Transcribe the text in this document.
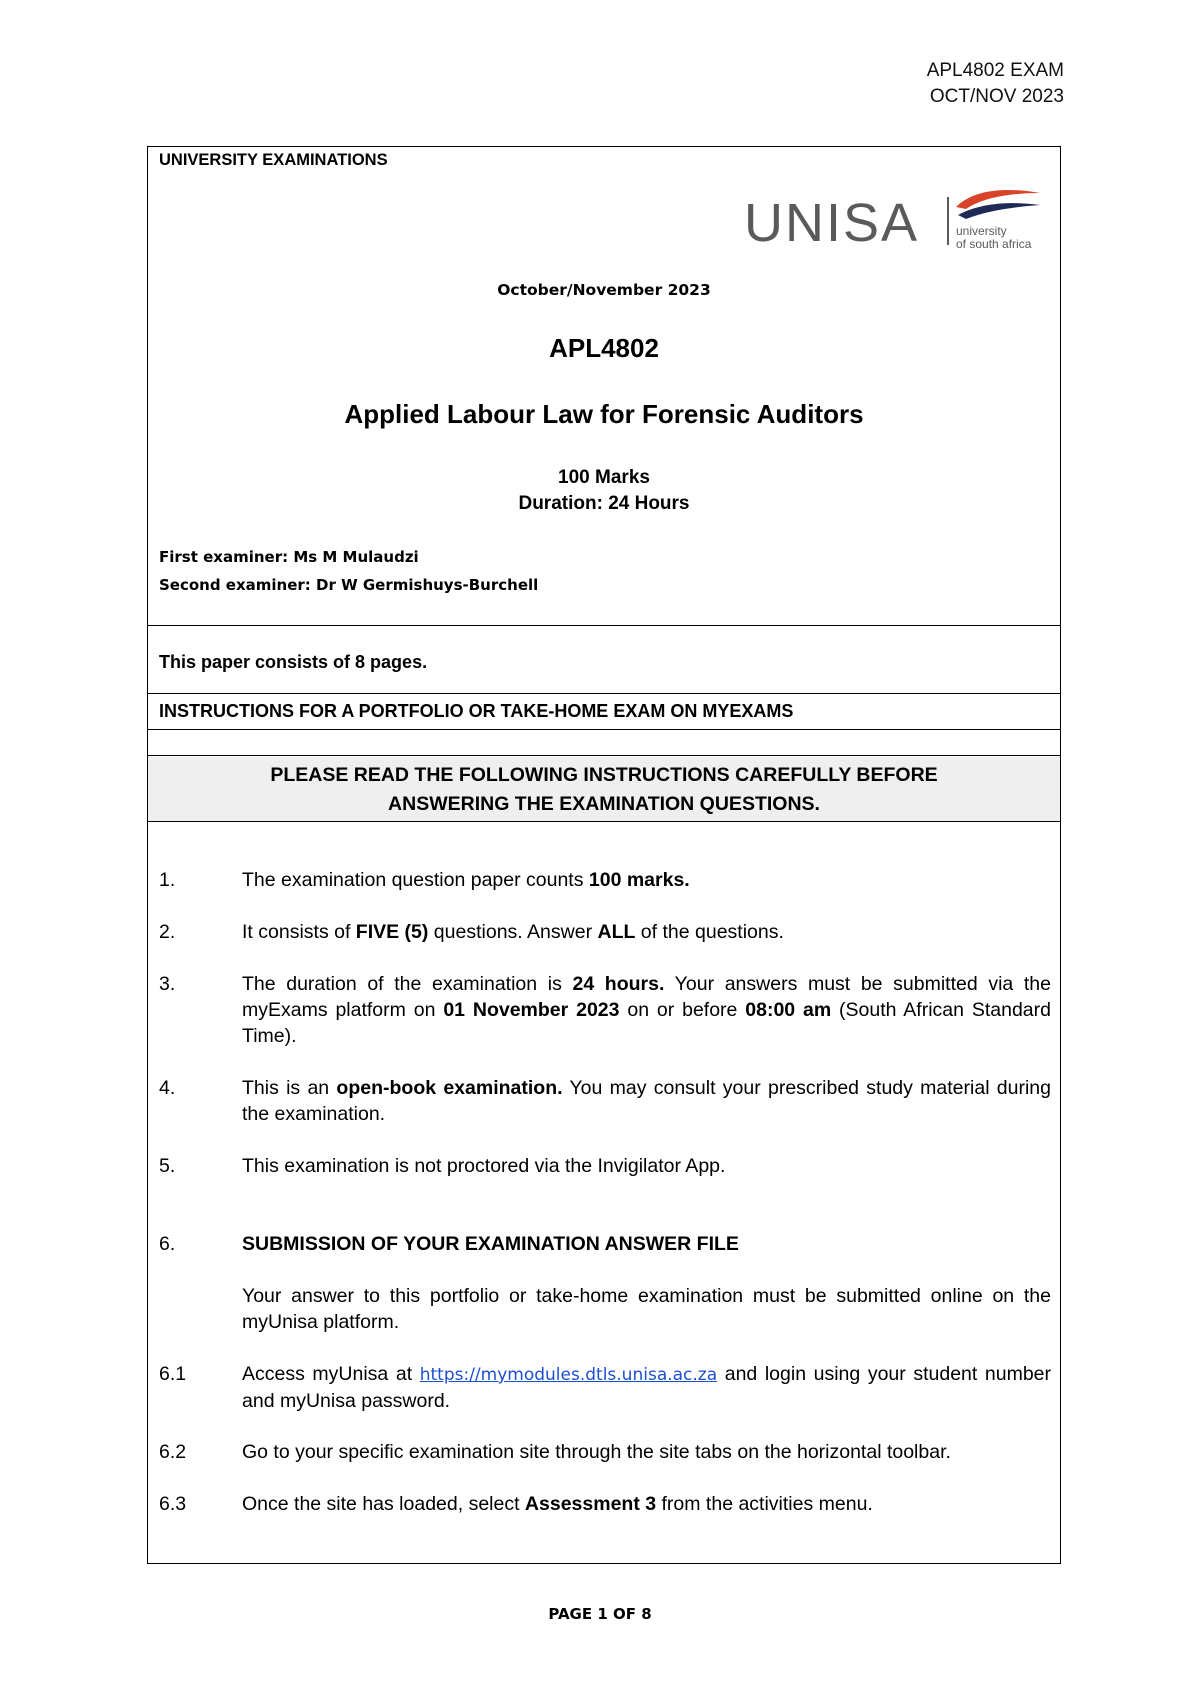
APL4802 EXAM
OCT/NOV 2023
UNIVERSITY EXAMINATIONS
UNISA	university
of south africa
October/November 2023
APL4802
Applied Labour Law for Forensic Auditors
100 Marks
Duration: 24 Hours
First examiner: Ms M Mulaudzi
Second examiner: Dr W Germishuys-Burchell
This paper consists of 8 pages.
INSTRUCTIONS FOR A PORTFOLIO OR TAKE-HOME EXAM ON MYEXAMS
PLEASE READ THE FOLLOWING INSTRUCTIONS CAREFULLY BEFORE
ANSWERING THE EXAMINATION QUESTIONS.
1.	The examination question paper counts 100 marks.
2.	It consists of FIVE (5) questions. Answer ALL of the questions.
3.	The duration of the examination is 24 hours. Your answers must be submitted via the myExams platform on 01 November 2023 on or before 08:00 am (South African Standard Time).
4.	This is an open-book examination. You may consult your prescribed study material during the examination.
5.	This examination is not proctored via the Invigilator App.
6.	SUBMISSION OF YOUR EXAMINATION ANSWER FILE
Your answer to this portfolio or take-home examination must be submitted online on the myUnisa platform.
6.1	Access myUnisa at https://mymodules.dtls.unisa.ac.za and login using your student number and myUnisa password.
6.2	Go to your specific examination site through the site tabs on the horizontal toolbar.
6.3	Once the site has loaded, select Assessment 3 from the activities menu.
PAGE 1 OF 8
